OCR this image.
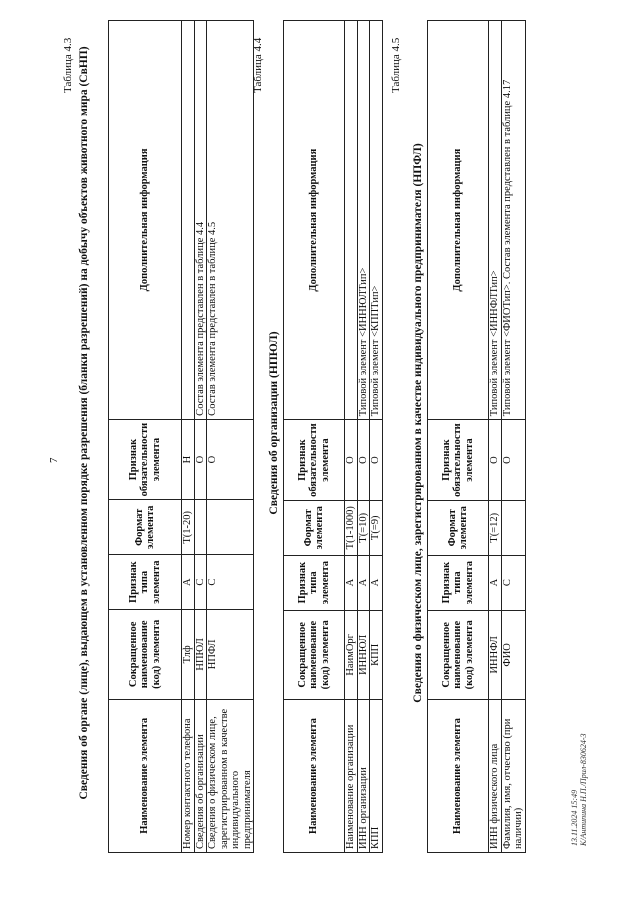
7
Таблица 4.3 Сведения об органе (лице), выдающем в установленном порядке разрешения (бланки разрешений) на добычу объектов животного мира (СвНП)	Наименование элемента	Сокращенное наименование (код) элемента	Признак типа элемента	Формат элемента	Признак обязательности элемента	Дополнительная информация
Номер контактного телефона	Тлф	А	T(1-20)	Н	
Сведения об организации	НПЮЛ	С		О	Состав элемента представлен в таблице 4.4
Сведения о физическом лице, зарегистрированном в качестве индивидуального предпринимателя	НПФЛ	С		О	Состав элемента представлен в таблице 4.5
Таблица 4.4
Сведения об организации (НПЮЛ)
Наименование элемента	Сокращенное наименование (код) элемента	Признак типа элемента	Формат элемента	Признак обязательности элемента	Дополнительная информация
Наименование организации	НаимОрг	А	T(1-1000)	О	
ИНН организации	ИННЮЛ	А	T(=10)	О	Типовой элемент <ИННЮЛТип>
КПП	КПП	А	T(=9)	О	Типовой элемент <КППТип>
Таблица 4.5
Сведения о физическом лице, зарегистрированном в качестве индивидуального предпринимателя (НПФЛ)
Наименование элемента	Сокращенное наименование (код) элемента	Признак типа элемента	Формат элемента	Признак обязательности элемента	Дополнительная информация
ИНН физического лица	ИННФЛ	А	T(=12)	О	Типовой элемент <ИННФЛТип>
Фамилия, имя, отчество (при наличии)	ФИО	С		О	Типовой элемент <ФИОТип>. Состав элемента представлен в таблице 4.17
13.11.2024 15:49 К/Антипина Н.П./Прил-830624-3
